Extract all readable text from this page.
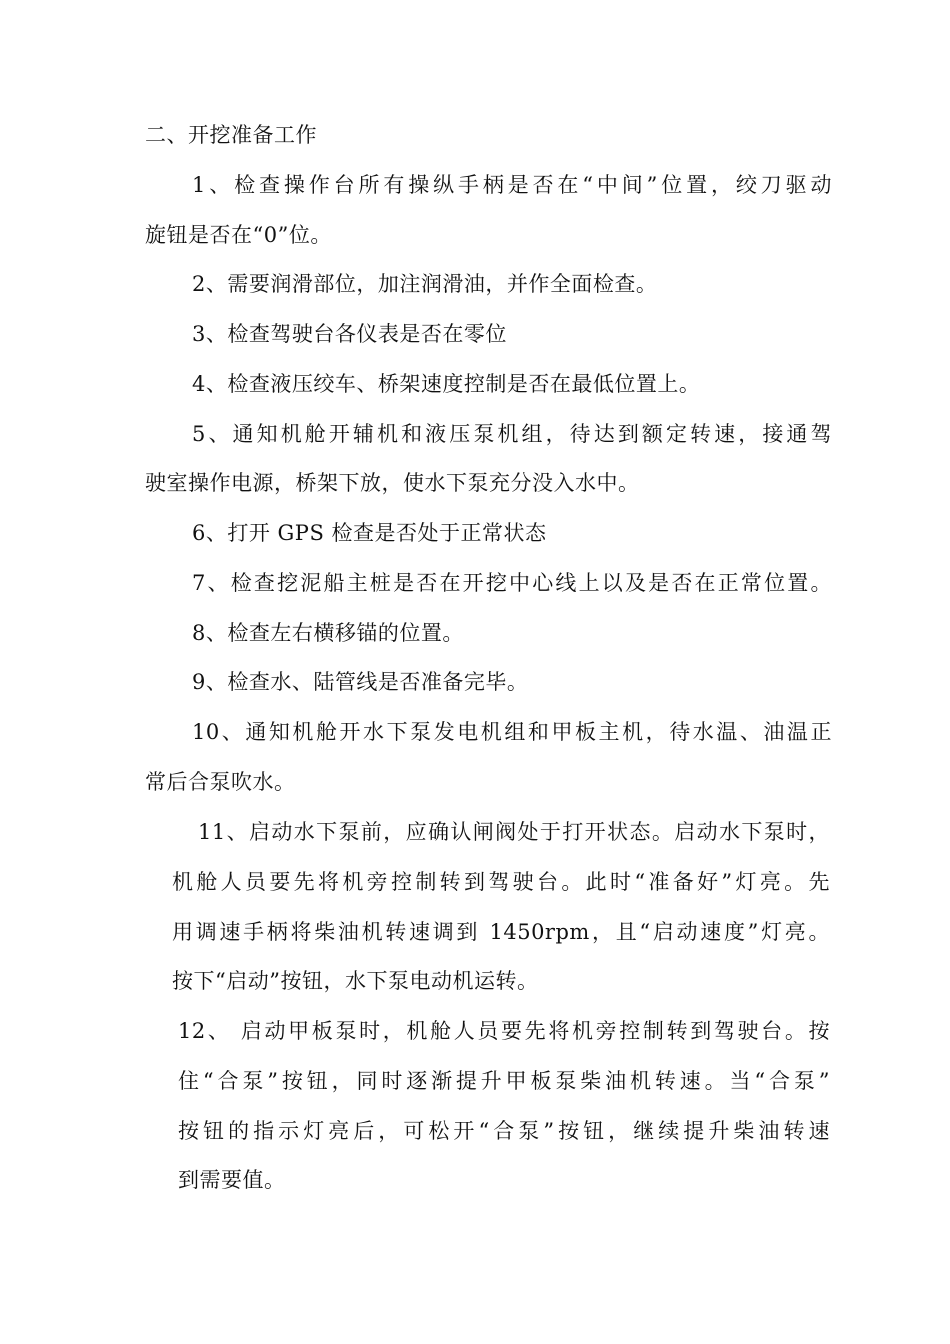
二、开挖准备工作
1、检查操作台所有操纵手柄是否在“中间”位置，绞刀驱动
旋钮是否在“0”位。
2、需要润滑部位，加注润滑油，并作全面检查。
3、检查驾驶台各仪表是否在零位
4、检查液压绞车、桥架速度控制是否在最低位置上。
5、通知机舱开辅机和液压泵机组，待达到额定转速，接通驾
驶室操作电源，桥架下放，使水下泵充分没入水中。
6、打开 GPS 检查是否处于正常状态
7、检查挖泥船主桩是否在开挖中心线上以及是否在正常位置。
8、检查左右横移锚的位置。
9、检查水、陆管线是否准备完毕。
10、通知机舱开水下泵发电机组和甲板主机，待水温、油温正
常后合泵吹水。
11、启动水下泵前，应确认闸阀处于打开状态。启动水下泵时，
机舱人员要先将机旁控制转到驾驶台。此时“准备好”灯亮。先
用调速手柄将柴油机转速调到 1450rpm，且“启动速度”灯亮。
按下“启动”按钮，水下泵电动机运转。
12、 启动甲板泵时，机舱人员要先将机旁控制转到驾驶台。按
住“合泵”按钮，同时逐渐提升甲板泵柴油机转速。当“合泵”
按钮的指示灯亮后，可松开“合泵”按钮，继续提升柴油转速
到需要值。
